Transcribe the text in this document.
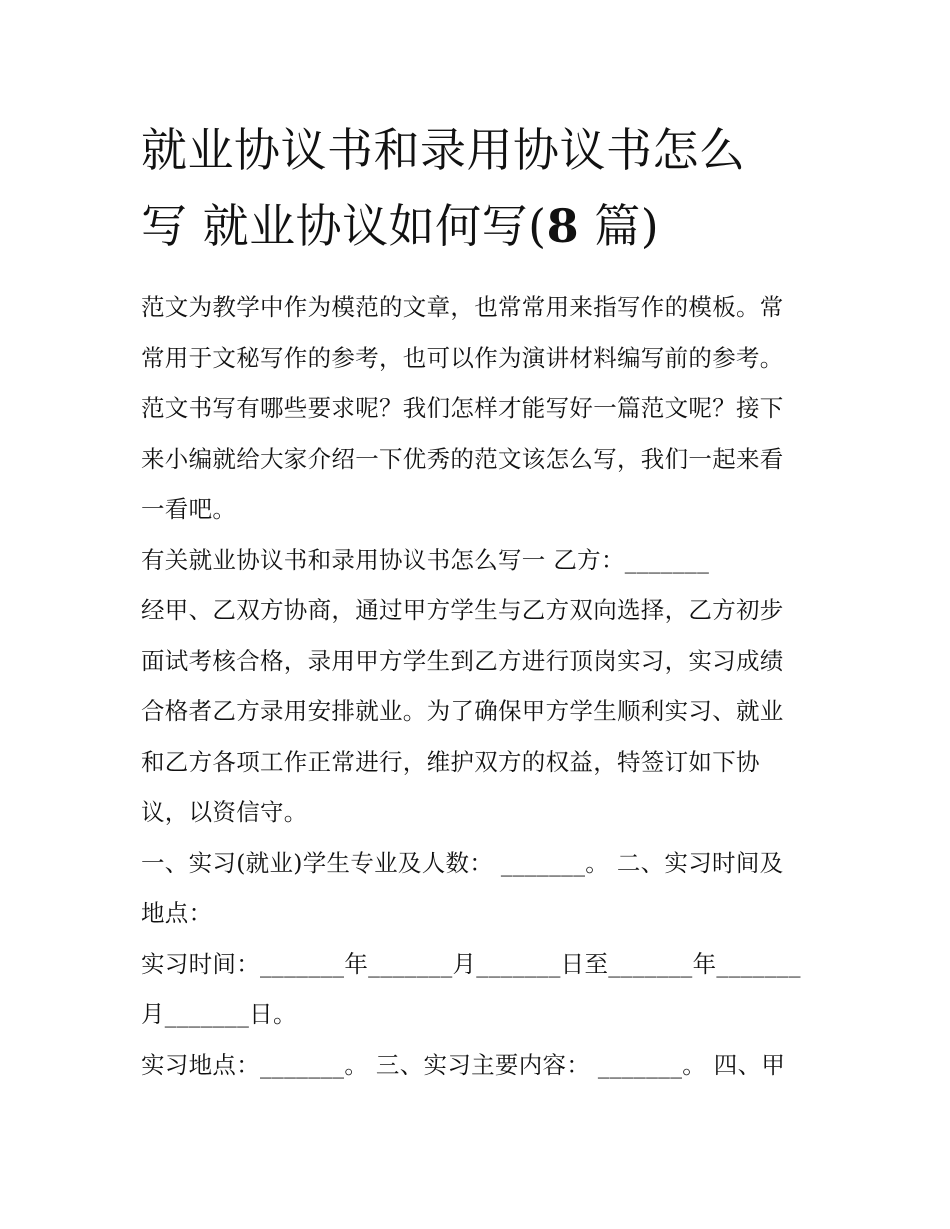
就业协议书和录用协议书怎么
写 就业协议如何写(8 篇)

范文为教学中作为模范的文章，也常常用来指写作的模板。常

常用于文秘写作的参考，也可以作为演讲材料编写前的参考。

范文书写有哪些要求呢？我们怎样才能写好一篇范文呢？接下

来小编就给大家介绍一下优秀的范文该怎么写，我们一起来看

一看吧。

有关就业协议书和录用协议书怎么写一 乙方：_______

经甲、乙双方协商，通过甲方学生与乙方双向选择，乙方初步

面试考核合格，录用甲方学生到乙方进行顶岗实习，实习成绩

合格者乙方录用安排就业。为了确保甲方学生顺利实习、就业

和乙方各项工作正常进行，维护双方的权益，特签订如下协

议，以资信守。

一、实习(就业)学生专业及人数： _______。 二、实习时间及

地点：

实习时间：_______年_______月_______日至_______年_______

月_______日。

实习地点：_______。 三、实习主要内容： _______。 四、甲
